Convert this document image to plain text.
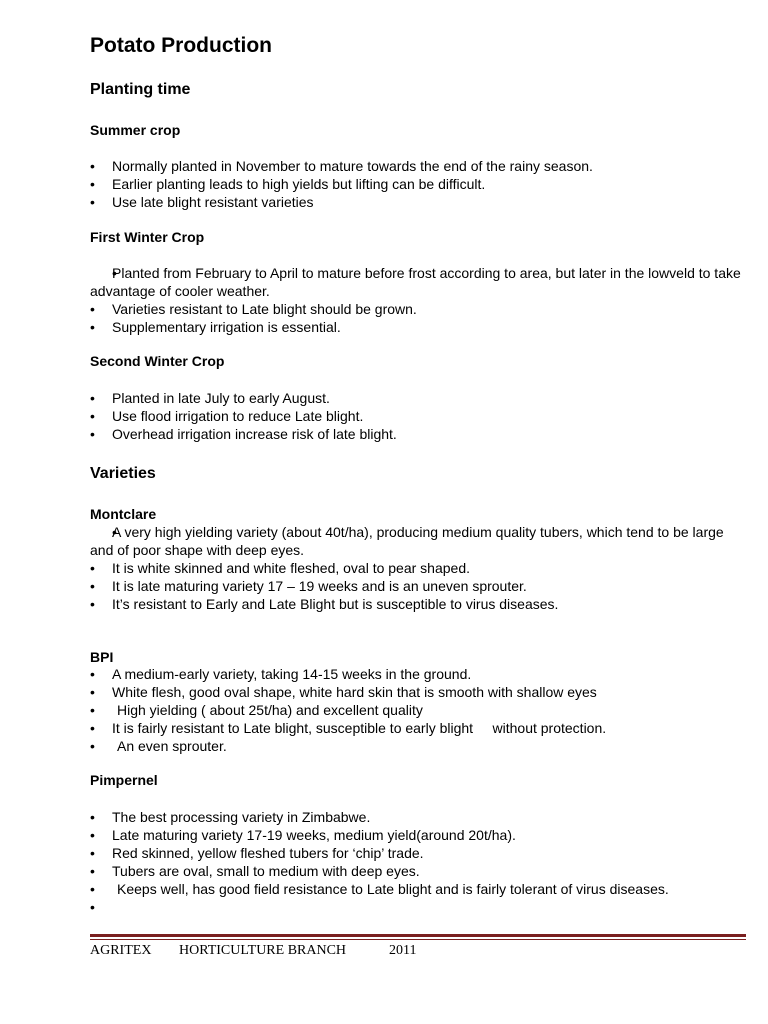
Potato Production
Planting time
Summer crop
• Normally planted in November to mature towards the end of the rainy season.
• Earlier planting leads to high yields but lifting can be difficult.
• Use late blight resistant varieties
First Winter Crop
• Planted from February to April to mature before frost according to area, but later in the lowveld to take advantage of cooler weather.
• Varieties resistant to Late blight should be grown.
• Supplementary irrigation is essential.
Second Winter Crop
• Planted in late July to early August.
• Use flood irrigation to reduce Late blight.
• Overhead irrigation increase risk of late blight.
Varieties
Montclare
• A very high yielding variety (about 40t/ha), producing medium quality tubers, which tend to be large and of poor shape with deep eyes.
• It is white skinned and white fleshed, oval to pear shaped.
• It is late maturing variety 17 – 19 weeks and is an uneven sprouter.
• It’s resistant to Early and Late Blight but is susceptible to virus diseases.
BPI
• A medium-early variety, taking 14-15 weeks in the ground.
• White flesh, good oval shape, white hard skin that is smooth with shallow eyes
• High yielding ( about 25t/ha) and excellent quality
• It is fairly resistant to Late blight, susceptible to early blight     without protection.
• An even sprouter.
Pimpernel
• The best processing variety in Zimbabwe.
• Late maturing variety 17-19 weeks, medium yield(around 20t/ha).
• Red skinned, yellow fleshed tubers for ‘chip’ trade.
• Tubers are oval, small to medium with deep eyes.
• Keeps well, has good field resistance to Late blight and is fairly tolerant of virus diseases.
•
AGRITEX HORTICULTURE BRANCH	2011
